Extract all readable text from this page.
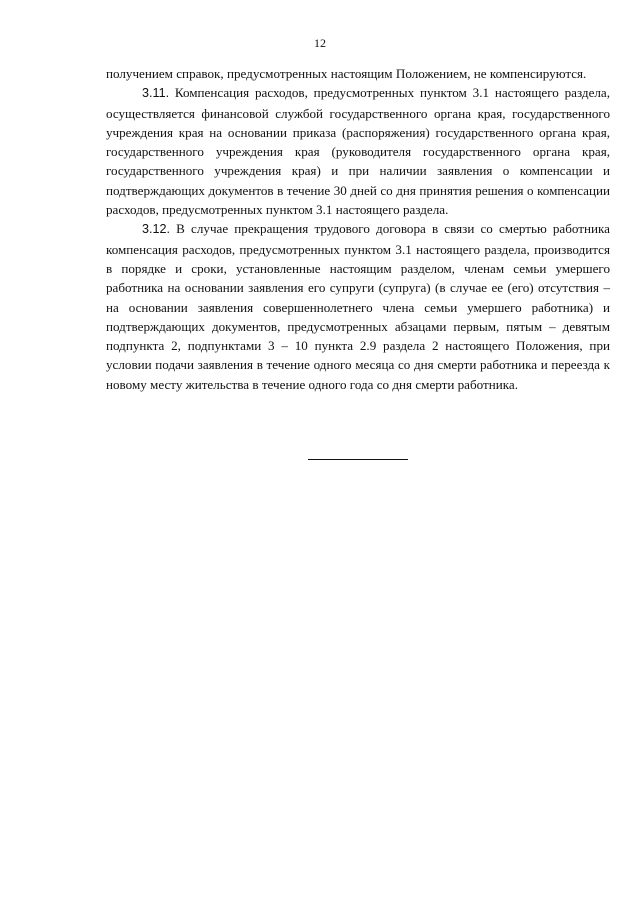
12

получением справок, предусмотренных настоящим Положением, не компенсируются.

3.11. Компенсация расходов, предусмотренных пунктом 3.1 настоящего раздела, осуществляется финансовой службой государственного органа края, государственного учреждения края на основании приказа (распоряжения) государственного органа края, государственного учреждения края (руководителя государственного органа края, государственного учреждения края) и при наличии заявления о компенсации и подтверждающих документов в течение 30 дней со дня принятия решения о компенсации расходов, предусмотренных пунктом 3.1 настоящего раздела.

3.12. В случае прекращения трудового договора в связи со смертью работника компенсация расходов, предусмотренных пунктом 3.1 настоящего раздела, производится в порядке и сроки, установленные настоящим разделом, членам семьи умершего работника на основании заявления его супруги (супруга) (в случае ее (его) отсутствия – на основании заявления совершеннолетнего члена семьи умершего работника) и подтверждающих документов, предусмотренных абзацами первым, пятым – девятым подпункта 2, подпунктами 3 – 10 пункта 2.9 раздела 2 настоящего Положения, при условии подачи заявления в течение одного месяца со дня смерти работника и переезда к новому месту жительства в течение одного года со дня смерти работника.
